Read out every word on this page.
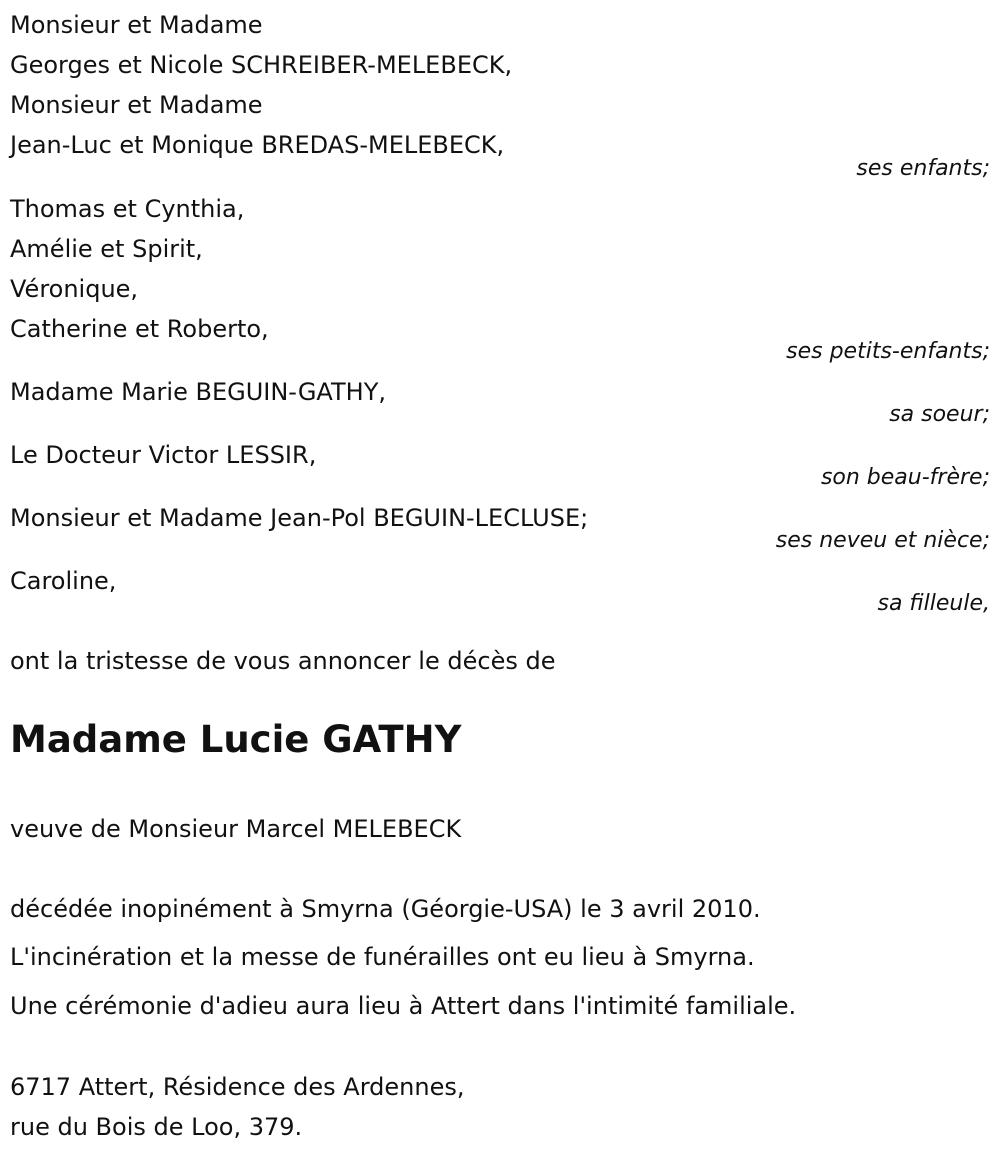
Monsieur et Madame
Georges et Nicole SCHREIBER-MELEBECK,
Monsieur et Madame
Jean-Luc et Monique BREDAS-MELEBECK,
ses enfants;
Thomas et Cynthia,
Amélie et Spirit,
Véronique,
Catherine et Roberto,
ses petits-enfants;
Madame Marie BEGUIN-GATHY,
sa soeur;
Le Docteur Victor LESSIR,
son beau-frère;
Monsieur et Madame Jean-Pol BEGUIN-LECLUSE;
ses neveu et nièce;
Caroline,
sa filleule,
ont la tristesse de vous annoncer le décès de
Madame Lucie GATHY
veuve de Monsieur Marcel MELEBECK
décédée inopinément à Smyrna (Géorgie-USA) le 3 avril 2010.
L'incinération et la messe de funérailles ont eu lieu à Smyrna.
Une cérémonie d'adieu aura lieu à Attert dans l'intimité familiale.
6717 Attert, Résidence des Ardennes,
rue du Bois de Loo, 379.
